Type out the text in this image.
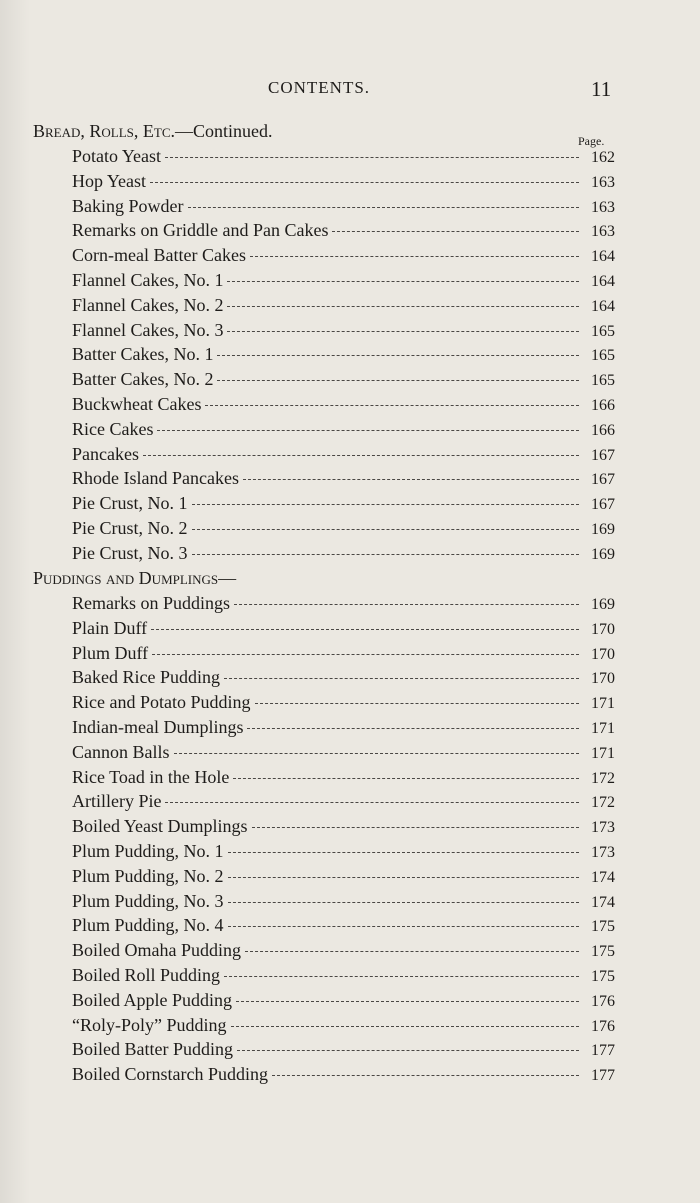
CONTENTS.	11
Bread, Rolls, Etc.—Continued.	Page.
Puddings and Dumplings—
Potato Yeast	162
Hop Yeast	163
Baking Powder	163
Remarks on Griddle and Pan Cakes	163
Corn-meal Batter Cakes	164
Flannel Cakes, No. 1	164
Flannel Cakes, No. 2	164
Flannel Cakes, No. 3	165
Batter Cakes, No. 1	165
Batter Cakes, No. 2	165
Buckwheat Cakes	166
Rice Cakes	166
Pancakes	167
Rhode Island Pancakes	167
Pie Crust, No. 1	167
Pie Crust, No. 2	169
Pie Crust, No. 3	169
Remarks on Puddings	169
Plain Duff	170
Plum Duff	170
Baked Rice Pudding	170
Rice and Potato Pudding	171
Indian-meal Dumplings	171
Cannon Balls	171
Rice Toad in the Hole	172
Artillery Pie	172
Boiled Yeast Dumplings	173
Plum Pudding, No. 1	173
Plum Pudding, No. 2	174
Plum Pudding, No. 3	174
Plum Pudding, No. 4	175
Boiled Omaha Pudding	175
Boiled Roll Pudding	175
Boiled Apple Pudding	176
“Roly-Poly” Pudding	176
Boiled Batter Pudding	177
Boiled Cornstarch Pudding	177
